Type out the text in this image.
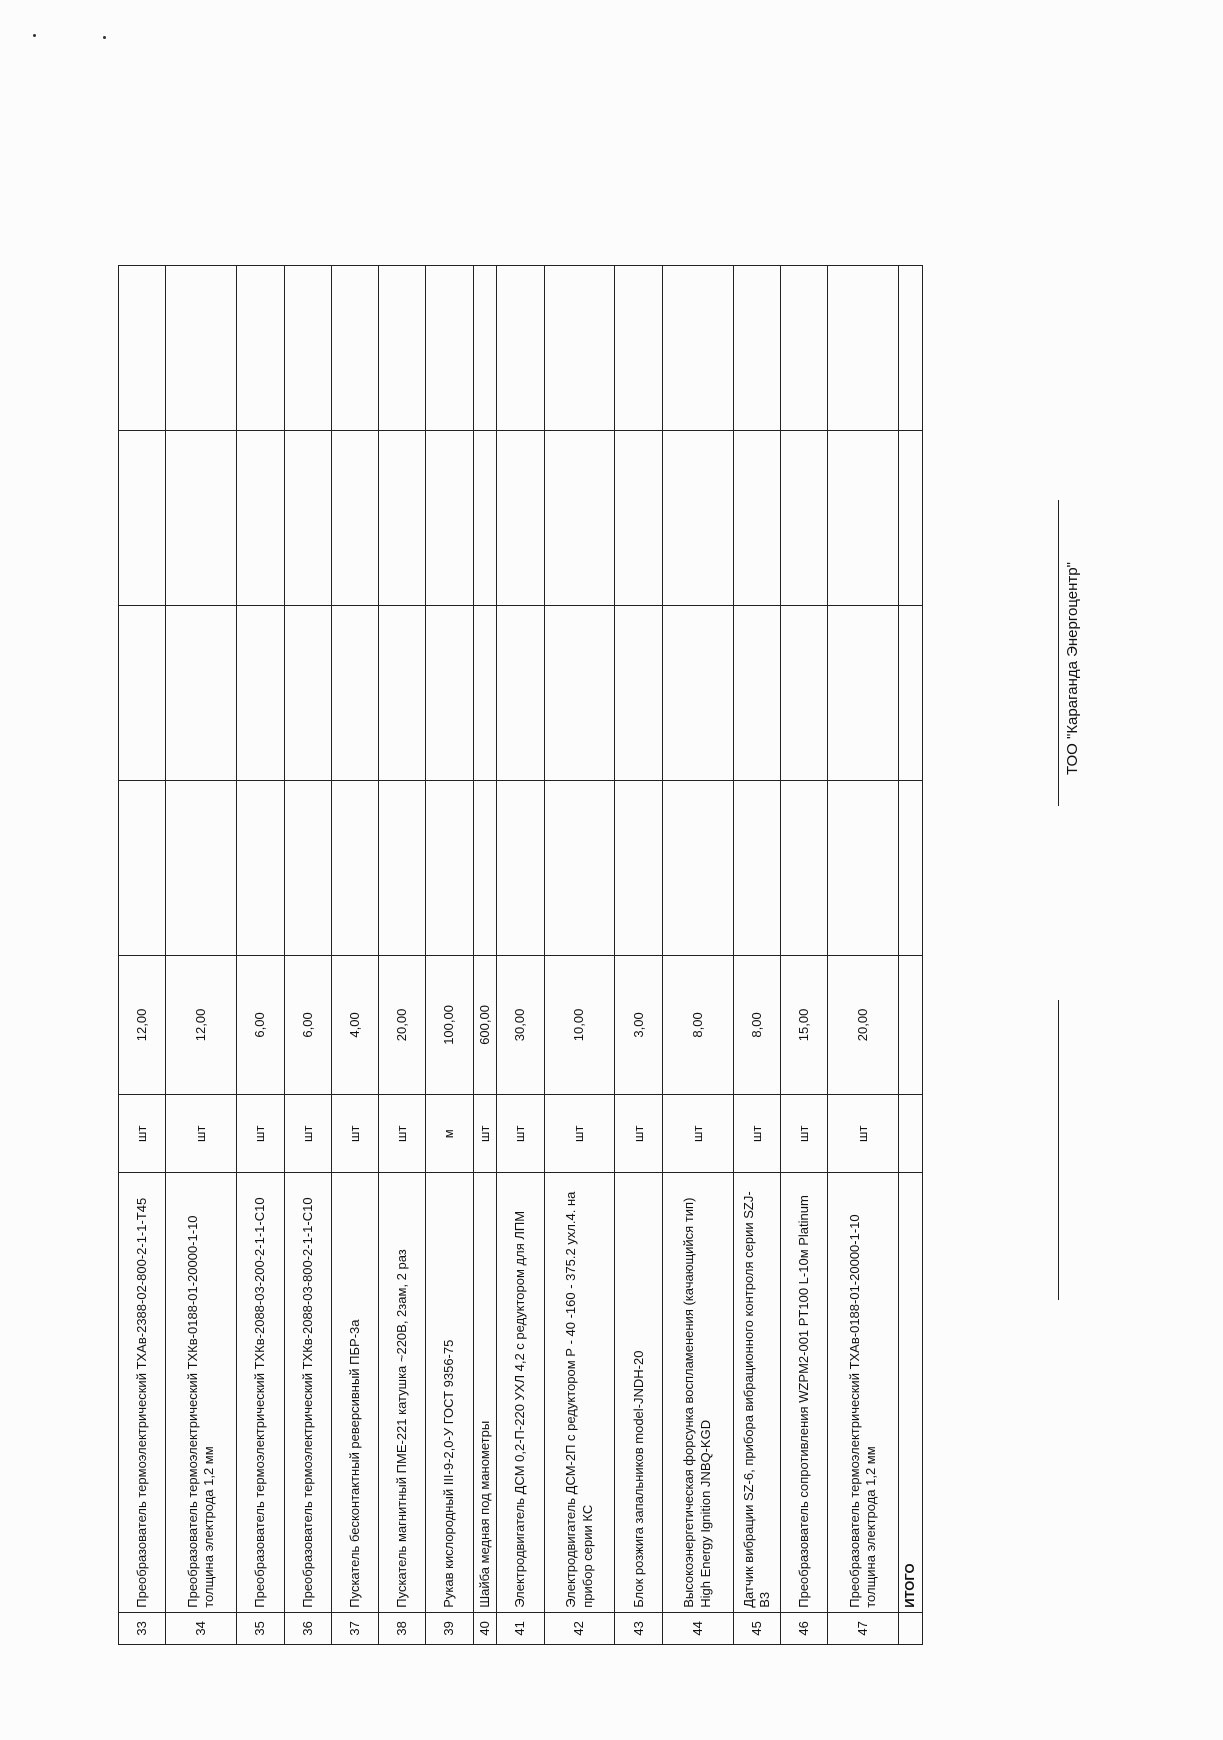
33	Преобразователь термоэлектрический ТХАв-2388-02-800-2-1-1-Т45	шт	12,00				
34	Преобразователь термоэлектрический ТХКв-0188-01-20000-1-10 толщина электрода 1,2 мм	шт	12,00				
35	Преобразователь термоэлектрический ТХКв-2088-03-200-2-1-1-С10	шт	6,00				
36	Преобразователь термоэлектрический ТХКв-2088-03-800-2-1-1-С10	шт	6,00				
37	Пускатель бесконтактный реверсивный ПБР-3а	шт	4,00				
38	Пускатель магнитный ПМЕ-221 катушка ~220В, 2зам, 2 раз	шт	20,00				
39	Рукав кислородный III-9-2,0-У ГОСТ 9356-75	м	100,00				
40	Шайба медная под манометры	шт	600,00				
41	Электродвигатель ДСМ 0,2-П-220 УХЛ 4,2 с редуктором для ЛПМ	шт	30,00				
42	Электродвигатель ДСМ-2П с редуктором Р - 40 -160 - 375.2 ухл.4. на прибор серии КС	шт	10,00				
43	Блок розжига запальников model-JNDH-20	шт	3,00				
44	Высокоэнергетическая форсунка воспламенения (качающийся тип) High Energy Ignition JNBQ-KGD	шт	8,00				
45	Датчик вибрации SZ-6, прибора вибрационного контроля серии SZJ-B3	шт	8,00				
46	Преобразователь сопротивления WZPM2-001 PT100 L-10м Platinum	шт	15,00				
47	Преобразователь термоэлектрический ТХАв-0188-01-20000-1-10 толщина электрода 1,2 мм	шт	20,00				
	ИТОГО						
ТОО "Караганда Энергоцентр"
